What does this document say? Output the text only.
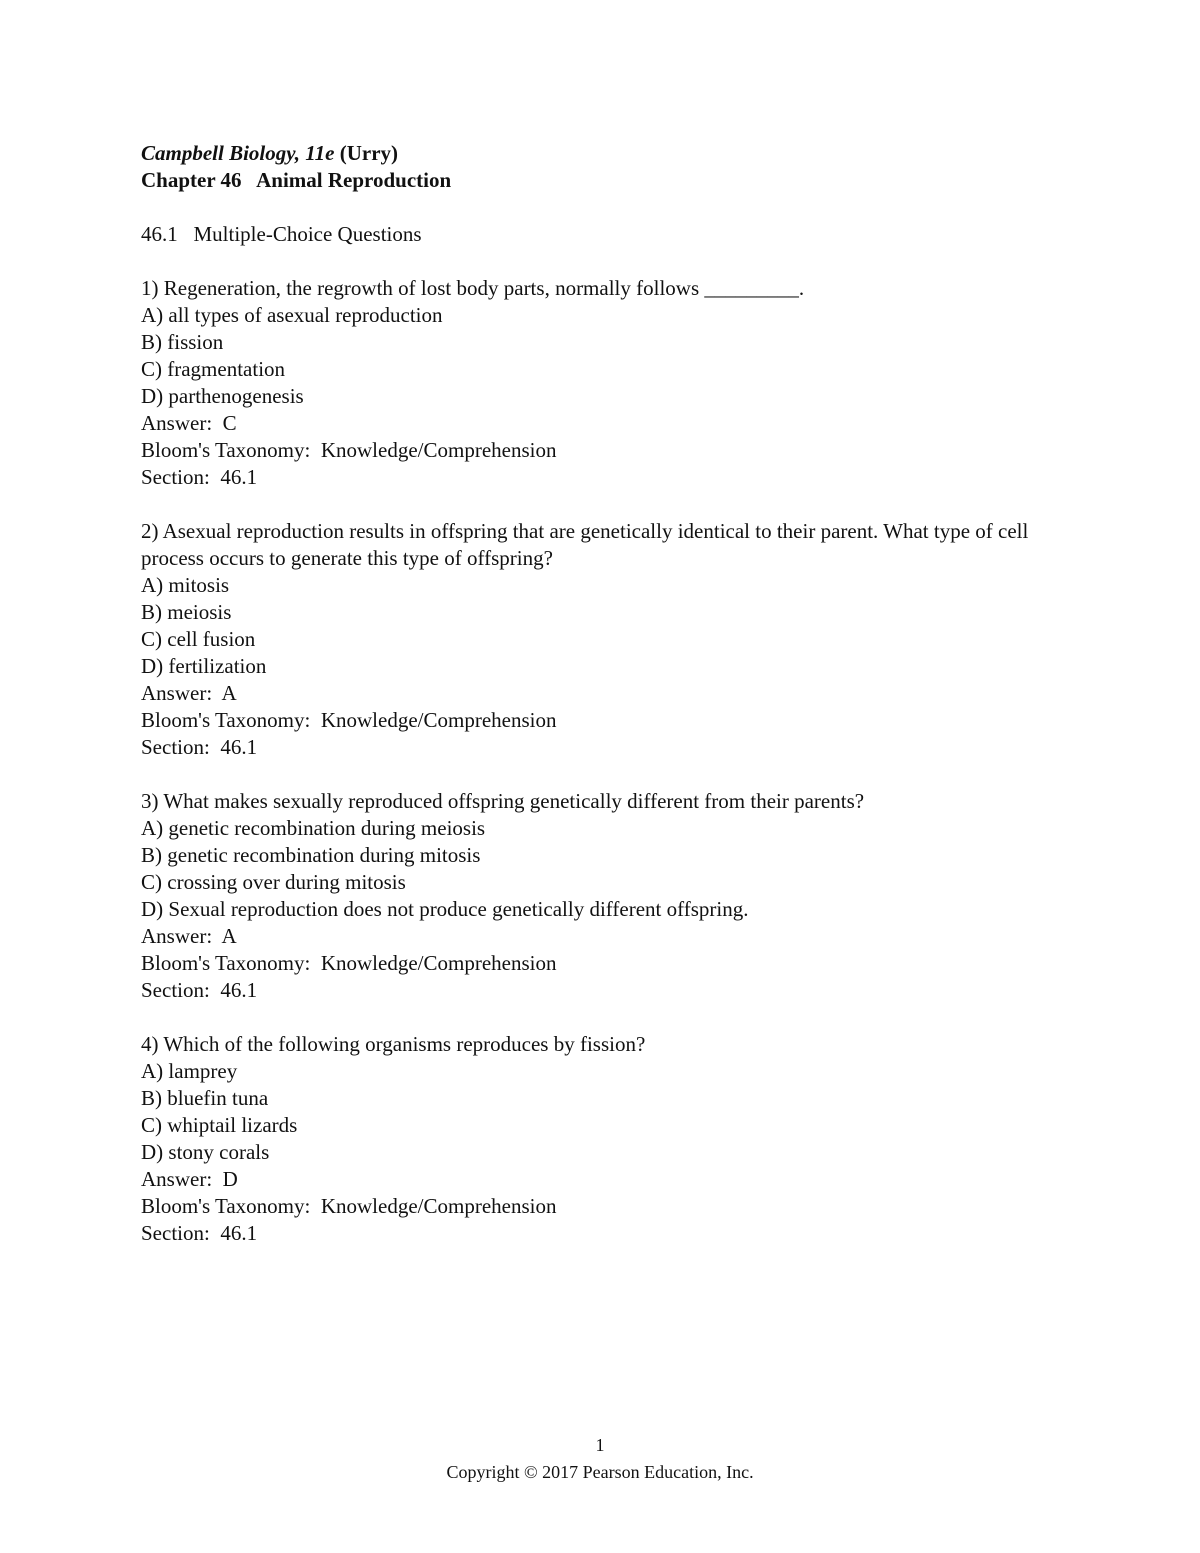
Campbell Biology, 11e (Urry)
Chapter 46   Animal Reproduction
46.1   Multiple-Choice Questions
1) Regeneration, the regrowth of lost body parts, normally follows _________.
A) all types of asexual reproduction
B) fission
C) fragmentation
D) parthenogenesis
Answer:  C
Bloom's Taxonomy:  Knowledge/Comprehension
Section:  46.1
2) Asexual reproduction results in offspring that are genetically identical to their parent. What type of cell process occurs to generate this type of offspring?
A) mitosis
B) meiosis
C) cell fusion
D) fertilization
Answer:  A
Bloom's Taxonomy:  Knowledge/Comprehension
Section:  46.1
3) What makes sexually reproduced offspring genetically different from their parents?
A) genetic recombination during meiosis
B) genetic recombination during mitosis
C) crossing over during mitosis
D) Sexual reproduction does not produce genetically different offspring.
Answer:  A
Bloom's Taxonomy:  Knowledge/Comprehension
Section:  46.1
4) Which of the following organisms reproduces by fission?
A) lamprey
B) bluefin tuna
C) whiptail lizards
D) stony corals
Answer:  D
Bloom's Taxonomy:  Knowledge/Comprehension
Section:  46.1
1
Copyright © 2017 Pearson Education, Inc.
